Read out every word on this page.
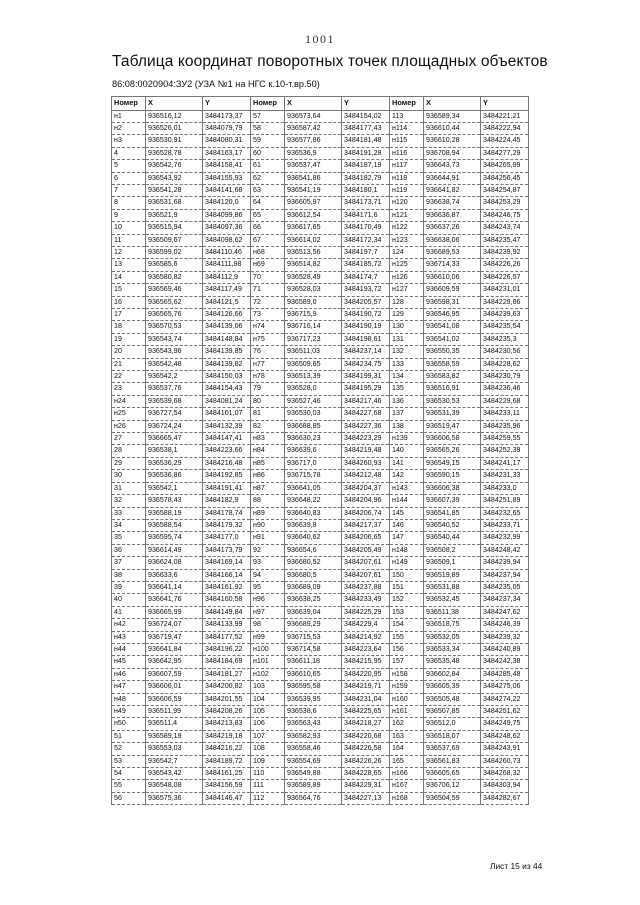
1001
Таблица координат поворотных точек площадных объектов
86:08:0020904:ЗУ2 (УЗА №1 на НГС к.10-т.вр.50)
Номер	X	Y	Номер	X	Y	Номер	X	Y
н1	936516,12	3484173,37	57	936573,64	3484154,02	113	936589,34	3484221,21
н2	936526,01	3484079,79	58	936587,42	3484177,43	н114	936610,44	3484222,94
н3	936530,91	3484080,31	59	936577,86	3484181,48	н115	936610,28	3484224,45
4	936528,78	3484163,17	60	936536,9	3484191,28	н116	936708,94	3484277,29
5	936542,76	3484158,41	61	936537,47	3484187,19	н117	936643,73	3484265,99
6	936543,92	3484155,93	62	936541,86	3484182,79	н118	936644,91	3484256,45
7	936541,28	3484141,68	63	936541,19	3484180,1	н119	936641,82	3484254,87
8	936531,68	3484120,0	64	936605,97	3484173,71	н120	936638,74	3484253,29
9	936521,9	3484099,86	65	936612,54	3484171,6	н121	936636,87	3484246,75
10	936515,94	3484097,36	66	936617,65	3484170,49	н122	936637,26	3484243,74
11	936509,67	3484098,62	67	936614,02	3484172,34	н123	936638,06	3484235,47
12	936599,02	3484110,46	н68	936513,56	3484197,7	124	936689,53	3484239,92
13	936585,6	3484111,98	н69	936514,82	3484185,72	н125	936714,33	3484226,26
14	936580,82	3484112,9	70	936528,49	3484174,7	н126	936610,06	3484226,57
15	936569,46	3484117,49	71	936528,03	3484193,72	н127	936609,59	3484231,01
16	936565,62	3484121,5	72	936589,0	3484205,57	128	936598,31	3484229,86
17	936565,76	3484126,66	73	936715,9	3484190,72	129	936546,95	3484239,63
18	936570,53	3484139,06	н74	936716,14	3484190,19	130	936541,08	3484235,54
19	936543,74	3484148,84	н75	936717,23	3484198,61	131	936541,02	3484235,3
20	936543,96	3484139,85	76	936511,03	3484237,14	132	936550,35	3484230,56
21	936542,48	3484139,82	н77	936509,65	3484234,75	133	936558,59	3484228,62
22	936542,2	3484150,03	н78	936513,39	3484199,31	134	936583,82	3484230,79
23	936537,76	3484154,43	79	936528,0	3484195,29	135	936516,91	3484236,46
н24	936539,68	3484081,24	80	936527,46	3484217,46	136	936530,53	3484229,68
н25	936727,54	3484101,07	81	936530,03	3484227,68	137	936531,39	3484233,11
н26	936724,24	3484132,39	82	936688,85	3484227,36	138	936519,47	3484235,96
27	936665,47	3484147,41	н83	936630,23	3484223,29	н139	936606,58	3484259,55
28	936538,1	3484223,66	н84	936639,6	3484219,48	140	936565,26	3484252,39
29	936536,29	3484216,48	н85	936717,0	3484260,93	141	936549,15	3484241,17
30	936536,86	3484192,85	н86	936715,78	3484212,48	142	936590,15	3484231,33
31	936542,1	3484191,41	н87	936641,05	3484204,37	н143	936606,38	3484233,0
32	936578,43	3484182,9	88	936648,22	3484204,96	н144	936607,39	3484251,89
33	936588,19	3484178,74	н89	936640,83	3484206,74	145	936541,85	3484232,65
34	936588,54	3484179,32	н90	936639,8	3484217,37	146	936540,52	3484233,71
35	936595,74	3484177,0	н91	936640,62	3484206,65	147	936540,44	3484232,99
36	936614,49	3484173,79	92	936654,6	3484205,49	н148	936508,2	3484248,42
37	936624,08	3484169,14	93	936680,52	3484207,61	н149	936509,1	3484239,94
38	936633,6	3484166,14	94	936680,5	3484207,61	150	936519,89	3484237,94
39	936641,14	3484161,92	95	936689,09	3484237,88	151	936531,88	3484235,05
40	936641,76	3484160,58	н96	936638,25	3484233,49	152	936532,45	3484237,34
41	936665,99	3484149,84	н97	936639,04	3484225,29	153	936511,38	3484247,62
н42	936724,07	3484133,99	98	936689,29	3484229,4	154	936518,75	3484246,39
н43	936719,47	3484177,52	н99	936715,53	3484214,92	155	936532,05	3484239,32
н44	936641,84	3484196,22	н100	936714,58	3484223,64	156	936533,34	3484240,89
н45	936642,95	3484184,69	н101	936611,18	3484215,95	157	936535,48	3484242,38
н46	936607,59	3484181,27	н102	936610,65	3484220,95	н158	936602,84	3484285,48
н47	936606,01	3484200,82	103	936595,58	3484219,71	н159	936605,39	3484275,06
н48	936606,59	3484201,55	104	936539,95	3484231,04	н160	936505,48	3484274,22
н49	936511,99	3484208,26	105	936538,6	3484225,65	н161	936507,85	3484251,62
н50	936511,4	3484213,83	106	936563,43	3484218,27	162	936512,0	3484249,75
51	936589,19	3484219,18	107	936582,93	3484220,68	163	936518,07	3484248,62
52	936553,03	3484216,22	108	936558,46	3484226,58	164	936537,69	3484243,91
53	936542,7	3484189,72	109	936554,69	3484226,26	165	936561,83	3484260,73
54	936543,42	3484161,25	110	936549,88	3484228,65	н166	936605,65	3484268,32
55	936548,08	3484156,59	111	936589,89	3484229,31	н167	936706,12	3484303,94
56	936575,36	3484146,47	112	936564,76	3484227,13	н168	936504,59	3484282,67
Лист 15 из 44
